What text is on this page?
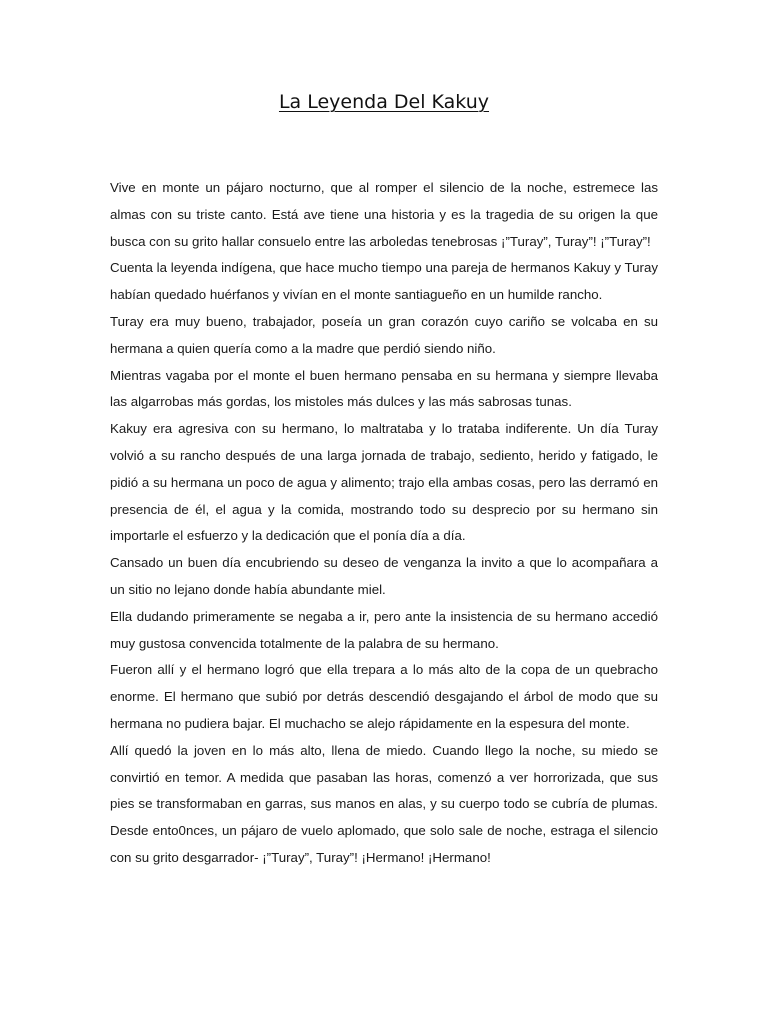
La Leyenda Del Kakuy

Vive en monte un pájaro nocturno, que al romper el silencio de la noche, estremece las almas con su triste canto. Está ave tiene una historia y es la tragedia de su origen la que busca con su grito hallar consuelo entre las arboledas tenebrosas ¡”Turay”, Turay”! ¡”Turay”!

Cuenta la leyenda indígena, que hace mucho tiempo una pareja de hermanos Kakuy y Turay habían quedado huérfanos y vivían en el monte santiagueño en un humilde rancho.

Turay era muy bueno, trabajador, poseía un gran corazón cuyo cariño se volcaba en su hermana a quien quería como a la madre que perdió siendo niño.

Mientras vagaba por el monte el buen hermano pensaba en su hermana y siempre llevaba las algarrobas más gordas, los mistoles más dulces y las más sabrosas tunas.

Kakuy era agresiva con su hermano, lo maltrataba y lo trataba indiferente. Un día Turay volvió a su rancho después de una larga jornada de trabajo, sediento, herido y fatigado, le pidió a su hermana un poco de agua y alimento; trajo ella ambas cosas, pero las derramó en presencia de él, el agua y la comida, mostrando todo su desprecio por su hermano sin importarle el esfuerzo y la dedicación que el ponía día a día.

Cansado un buen día encubriendo su deseo de venganza la invito a que lo acompañara a un sitio no lejano donde había abundante miel.

Ella dudando primeramente se negaba a ir, pero ante la insistencia de su hermano accedió muy gustosa convencida totalmente de la palabra de su hermano.

Fueron allí y el hermano logró que ella trepara a lo más alto de la copa de un quebracho enorme. El hermano que subió por detrás descendió desgajando el árbol de modo que su hermana no pudiera bajar. El muchacho se alejo rápidamente en la espesura del monte.

Allí quedó la joven en lo más alto, llena de miedo. Cuando llego la noche, su miedo se convirtió en temor. A medida que pasaban las horas, comenzó a ver horrorizada, que sus pies se transformaban en garras, sus manos en alas, y su cuerpo todo se cubría de plumas. Desde ento0nces, un pájaro de vuelo aplomado, que solo sale de noche, estraga el silencio con su grito desgarrador- ¡”Turay”, Turay”! ¡Hermano! ¡Hermano!
